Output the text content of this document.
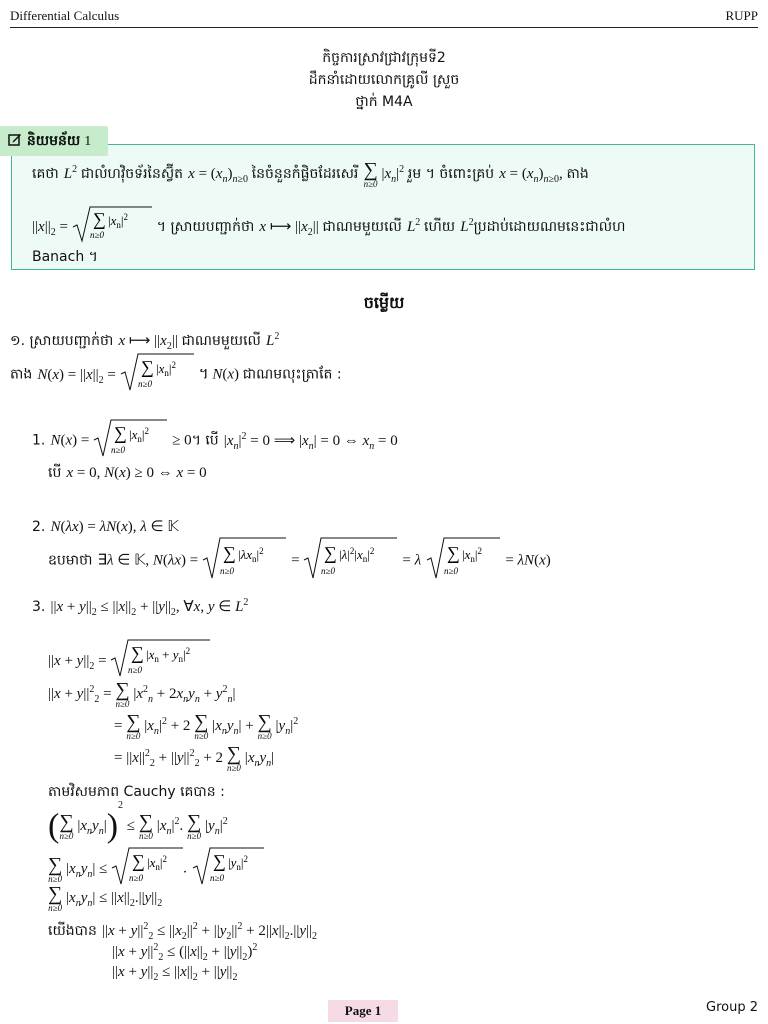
Differential Calculus	RUPP
កិច្ចការស្រាវជ្រាវក្រុមទី2
ដឹកនាំដោយលោកគ្រូលី ស្រួច
ថ្នាក់ M4A
និយមន័យ 1
គេថា $L^2$ ជាលំហវ៉ិចទ័រនៃស្វ៊ីត $x = (x_n)_{n\ge 0}$ នៃចំនួនកំផ្លិចដែរសេរី ∑
n≥0
$|x_n|^2$ រួម ។ ចំពោះគ្រប់ $x = (x_n)_{n\ge 0}$, តាង
$||x||_2$ = ∑ $|x_n|^2$
n≥0	។ ស្រាយបញ្ជាក់ថា x ⟼ $||x_2||$ ជាណមមួយលើ $L^2$ ហើយ $L^2$ប្រដាប់ដោយណមនេះជាលំហ
Banach ។
ចម្លើយ
១. ស្រាយបញ្ជាក់ថា x ⟼ $||x_2||$ ជាណមមួយលើ $L^2$
តាង $N(x) = ||x||_2$ = ∑ $|x_n|^2$
n≥0
។ N(x) ជាណមលុះត្រាតែ :
1. N(x) = ∑ $|x_n|^2$
n≥0
≥ 0។ បើ $|x_n|^2 = 0$ ⟹ $|x_n| = 0$ ⇔ $x_n = 0$
បើ x = 0, N(x) ≥ 0 ⇔ x = 0
2. N(λx) = λN(x), λ ∈ 𝕂
ឧបមាថា ∃λ ∈ 𝕂, N(λx) = ∑ $|\lambda x_n|^2$
n≥0
= ∑ $|\lambda|^2|x_n|^2$
n≥0
= λ ∑ $|x_n|^2$
n≥0
= λN(x)
3. $||x + y||_2 \le ||x||_2 + ||y||_2$, ∀x, y ∈ $L^2$
$||x + y||_2$ = ∑ $|x_n + y_n|^2$
n≥0
$||x + y||^2_2$ = ∑
n≥0
$|x^2_n + 2x_ny_n + y^2_n|$
= ∑
n≥0
$|x_n|^2 + 2$ ∑
n≥0
$|x_ny_n|$ + ∑
n≥0
$|y_n|^2$
= $||x||^2_2 + ||y||^2_2 + 2$ ∑
n≥0
$|x_ny_n|$
តាមវិសមភាព Cauchy គេបាន :
( ∑
n≥0
$|x_ny_n|)^2$ ≤ ∑
n≥0
$|x_n|^2$. ∑
n≥0
$|y_n|^2$
∑
n≥0
$|x_ny_n|$ ≤ ∑ $|x_n|^2$
n≥0
. ∑ $|y_n|^2$
n≥0
∑
n≥0
$|x_ny_n| \le ||x||_2.||y||_2$
យើងបាន $||x + y||^2_2 \le ||x_2||^2 + ||y_2||^2 + 2||x||_2.||y||_2$
$||x + y||^2_2 \le (||x||_2 + ||y||_2)^2$
$||x + y||_2 \le ||x||_2 + ||y||_2$
Page 1	Group 2
